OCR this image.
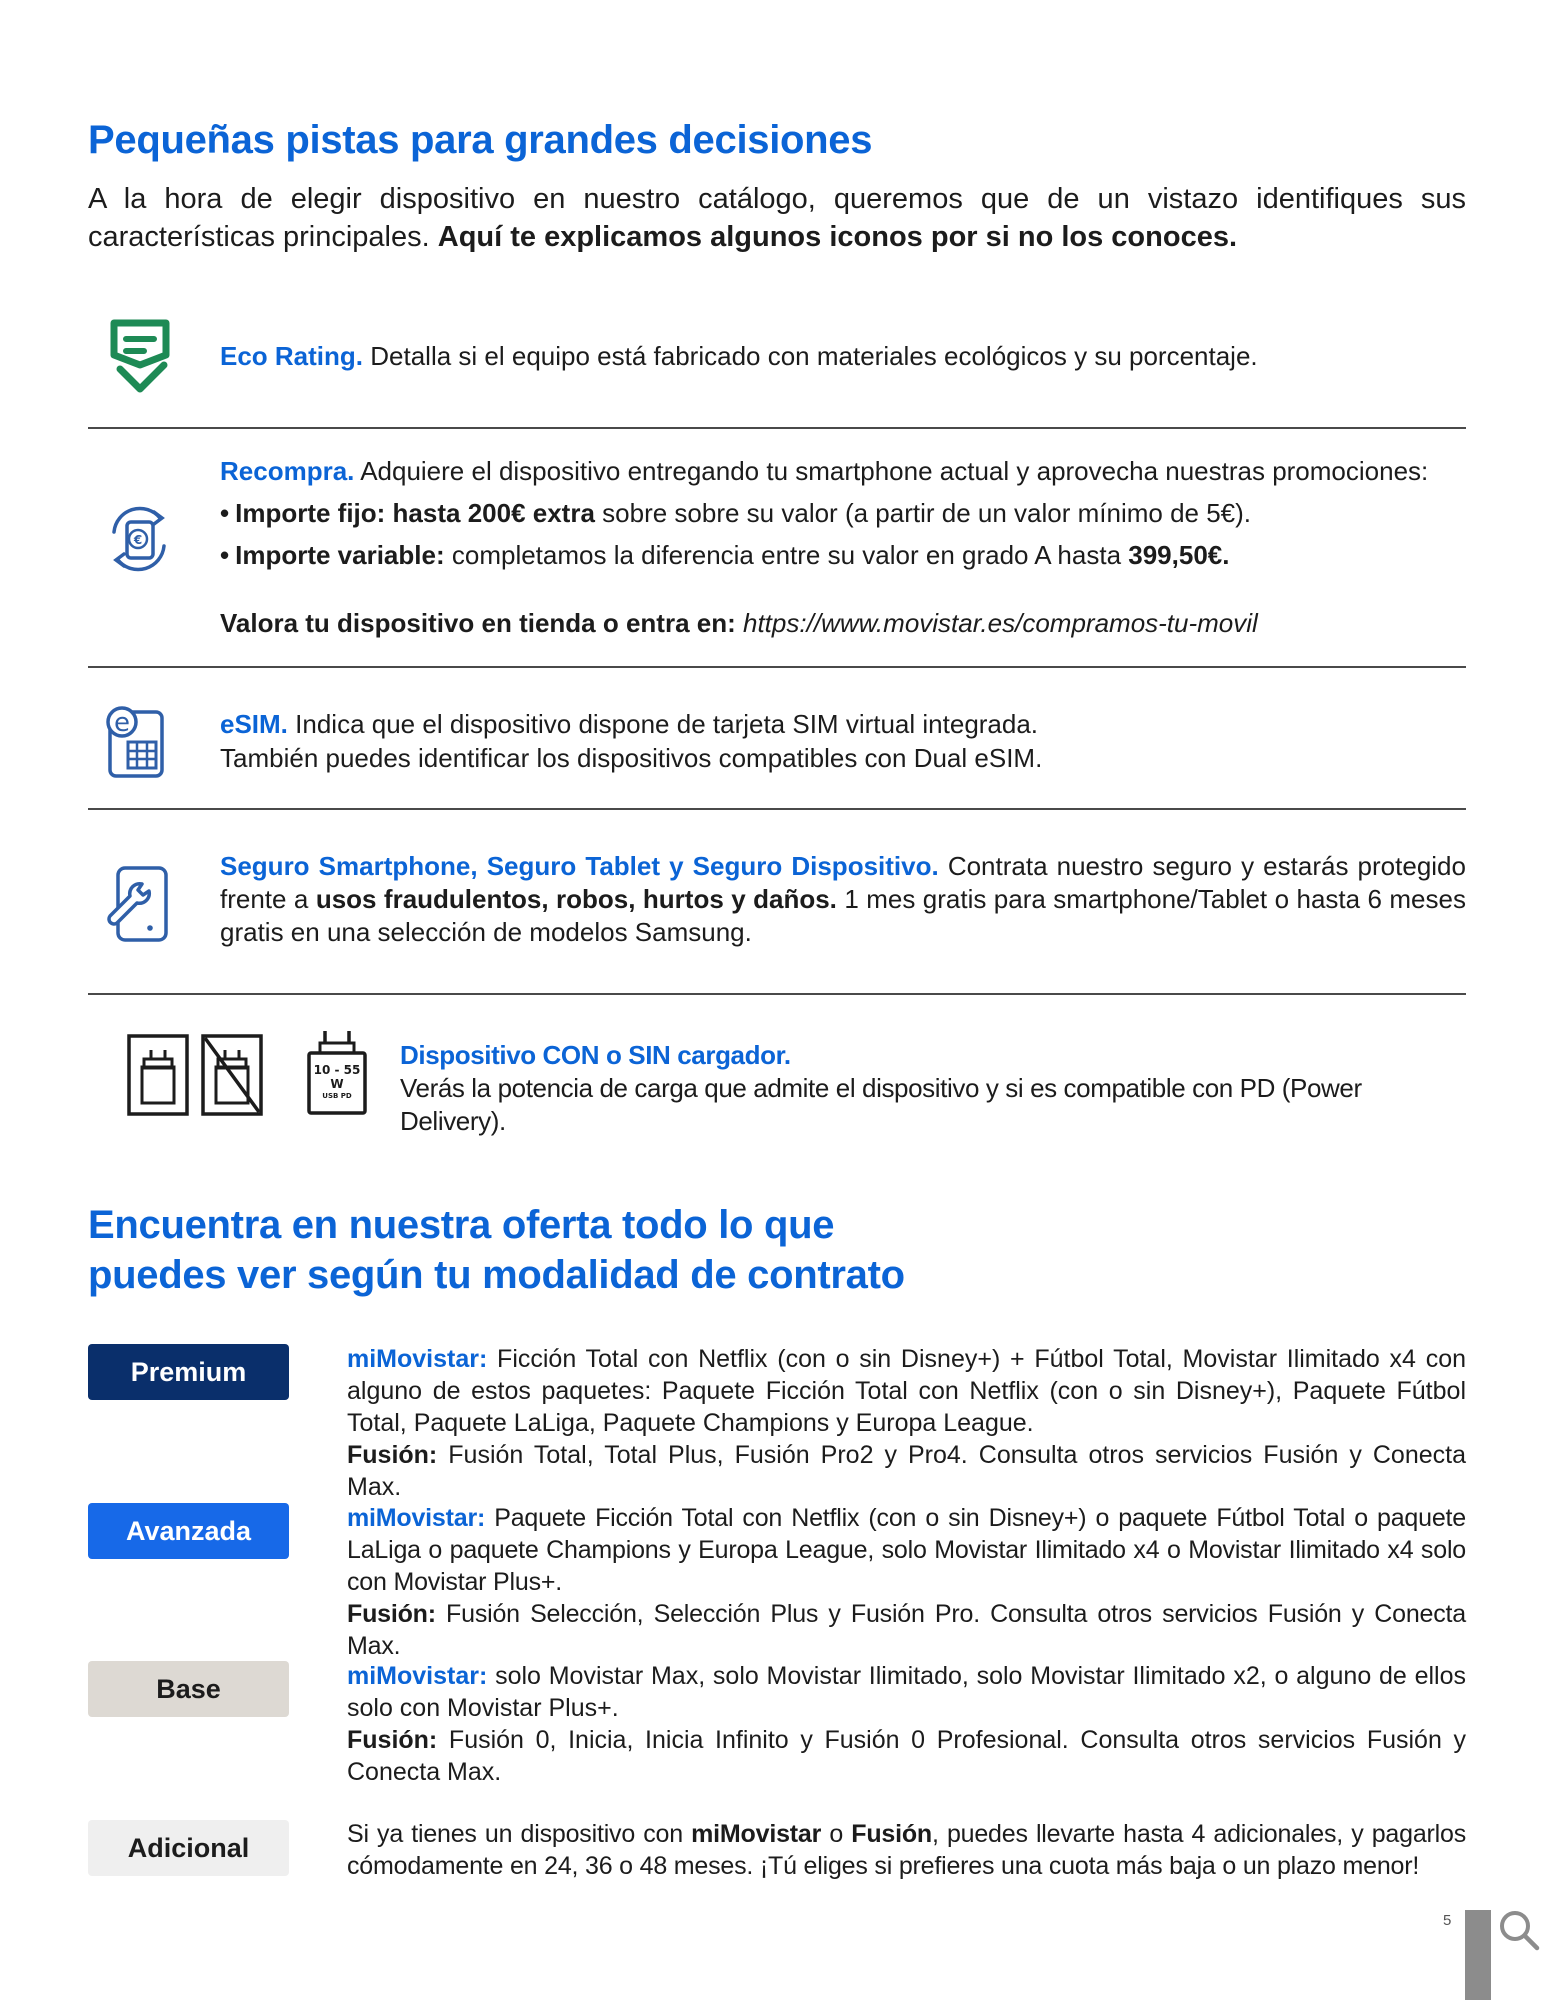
Pequeñas pistas para grandes decisiones

A la hora de elegir dispositivo en nuestro catálogo, queremos que de un vistazo identifiques sus características principales. Aquí te explicamos algunos iconos por si no los conoces.

Eco Rating. Detalla si el equipo está fabricado con materiales ecológicos y su porcentaje.

€

Recompra. Adquiere el dispositivo entregando tu smartphone actual y aprovecha nuestras promociones:

• Importe fijo: hasta 200€ extra sobre sobre su valor (a partir de un valor mínimo de 5€).
• Importe variable: completamos la diferencia entre su valor en grado A hasta 399,50€.

Valora tu dispositivo en tienda o entra en: https://www.movistar.es/compramos-tu-movil

e	eSIM. Indica que el dispositivo dispone de tarjeta SIM virtual integrada.

También puedes identificar los dispositivos compatibles con Dual eSIM.

Seguro Smartphone, Seguro Tablet y Seguro Dispositivo. Contrata nuestro seguro y estarás protegido frente a usos fraudulentos, robos, hurtos y daños. 1 mes gratis para smartphone/Tablet o hasta 6 meses gratis en una selección de modelos Samsung.

10 - 55
W
USB PD

Dispositivo CON o SIN cargador.

Verás la potencia de carga que admite el dispositivo y si es compatible con PD (Power Delivery).

Encuentra en nuestra oferta todo lo que
puedes ver según tu modalidad de contrato
Premium	miMovistar: Ficción Total con Netflix (con o sin Disney+) + Fútbol Total, Movistar Ilimitado x4 con alguno de estos paquetes: Paquete Ficción Total con Netflix (con o sin Disney+), Paquete Fútbol Total, Paquete LaLiga, Paquete Champions y Europa League.

Fusión: Fusión Total, Total Plus, Fusión Pro2 y Pro4. Consulta otros servicios Fusión y Conecta Max.

Avanzada	miMovistar: Paquete Ficción Total con Netflix (con o sin Disney+) o paquete Fútbol Total o paquete LaLiga o paquete Champions y Europa League, solo Movistar Ilimitado x4 o Movistar Ilimitado x4 solo con Movistar Plus+.

Fusión: Fusión Selección, Selección Plus y Fusión Pro. Consulta otros servicios Fusión y Conecta Max.

Base	miMovistar: solo Movistar Max, solo Movistar Ilimitado, solo Movistar Ilimitado x2, o alguno de ellos solo con Movistar Plus+.

Fusión: Fusión 0, Inicia, Inicia Infinito y Fusión 0 Profesional. Consulta otros servicios Fusión y Conecta Max.

Adicional	Si ya tienes un dispositivo con miMovistar o Fusión, puedes llevarte hasta 4 adicionales, y pagarlos cómodamente en 24, 36 o 48 meses. ¡Tú eliges si prefieres una cuota más baja o un plazo menor!

5
